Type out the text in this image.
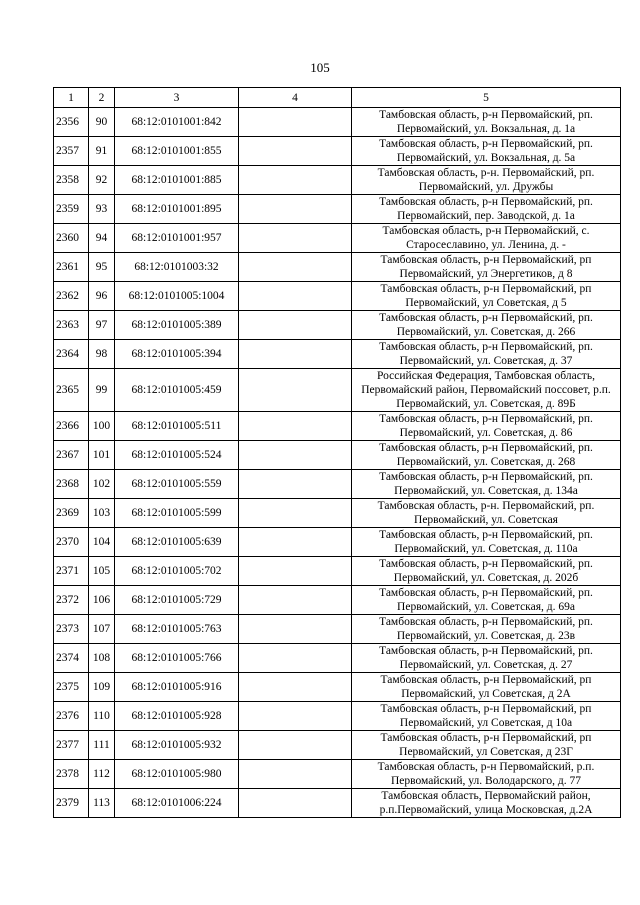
105
1	2	3	4	5
2356	90	68:12:0101001:842		Тамбовская область, р-н Первомайский, рп. Первомайский, ул. Вокзальная, д. 1а
2357	91	68:12:0101001:855		Тамбовская область, р-н Первомайский, рп. Первомайский, ул. Вокзальная, д. 5а
2358	92	68:12:0101001:885		Тамбовская область, р-н. Первомайский, рп. Первомайский, ул. Дружбы
2359	93	68:12:0101001:895		Тамбовская область, р-н Первомайский, рп. Первомайский, пер. Заводской, д. 1а
2360	94	68:12:0101001:957		Тамбовская область, р-н Первомайский, с. Старосеславино, ул. Ленина, д. -
2361	95	68:12:0101003:32		Тамбовская область, р-н Первомайский, рп Первомайский, ул Энергетиков, д 8
2362	96	68:12:0101005:1004		Тамбовская область, р-н Первомайский, рп Первомайский, ул Советская, д 5
2363	97	68:12:0101005:389		Тамбовская область, р-н Первомайский, рп. Первомайский, ул. Советская, д. 266
2364	98	68:12:0101005:394		Тамбовская область, р-н Первомайский, рп. Первомайский, ул. Советская, д. 37
2365	99	68:12:0101005:459		Российская Федерация, Тамбовская область, Первомайский район, Первомайский поссовет, р.п. Первомайский, ул. Советская, д. 89Б
2366	100	68:12:0101005:511		Тамбовская область, р-н Первомайский, рп. Первомайский, ул. Советская, д. 86
2367	101	68:12:0101005:524		Тамбовская область, р-н Первомайский, рп. Первомайский, ул. Советская, д. 268
2368	102	68:12:0101005:559		Тамбовская область, р-н Первомайский, рп. Первомайский, ул. Советская, д. 134а
2369	103	68:12:0101005:599		Тамбовская область, р-н. Первомайский, рп. Первомайский, ул. Советская
2370	104	68:12:0101005:639		Тамбовская область, р-н Первомайский, рп. Первомайский, ул. Советская, д. 110а
2371	105	68:12:0101005:702		Тамбовская область, р-н Первомайский, рп. Первомайский, ул. Советская, д. 202б
2372	106	68:12:0101005:729		Тамбовская область, р-н Первомайский, рп. Первомайский, ул. Советская, д. 69а
2373	107	68:12:0101005:763		Тамбовская область, р-н Первомайский, рп. Первомайский, ул. Советская, д. 23в
2374	108	68:12:0101005:766		Тамбовская область, р-н Первомайский, рп. Первомайский, ул. Советская, д. 27
2375	109	68:12:0101005:916		Тамбовская область, р-н Первомайский, рп Первомайский, ул Советская, д 2А
2376	110	68:12:0101005:928		Тамбовская область, р-н Первомайский, рп Первомайский, ул Советская, д 10а
2377	111	68:12:0101005:932		Тамбовская область, р-н Первомайский, рп Первомайский, ул Советская, д 23Г
2378	112	68:12:0101005:980		Тамбовская область, р-н Первомайский, р.п. Первомайский, ул. Володарского, д. 77
2379	113	68:12:0101006:224		Тамбовская область, Первомайский район, р.п.Первомайский, улица Московская, д.2А
